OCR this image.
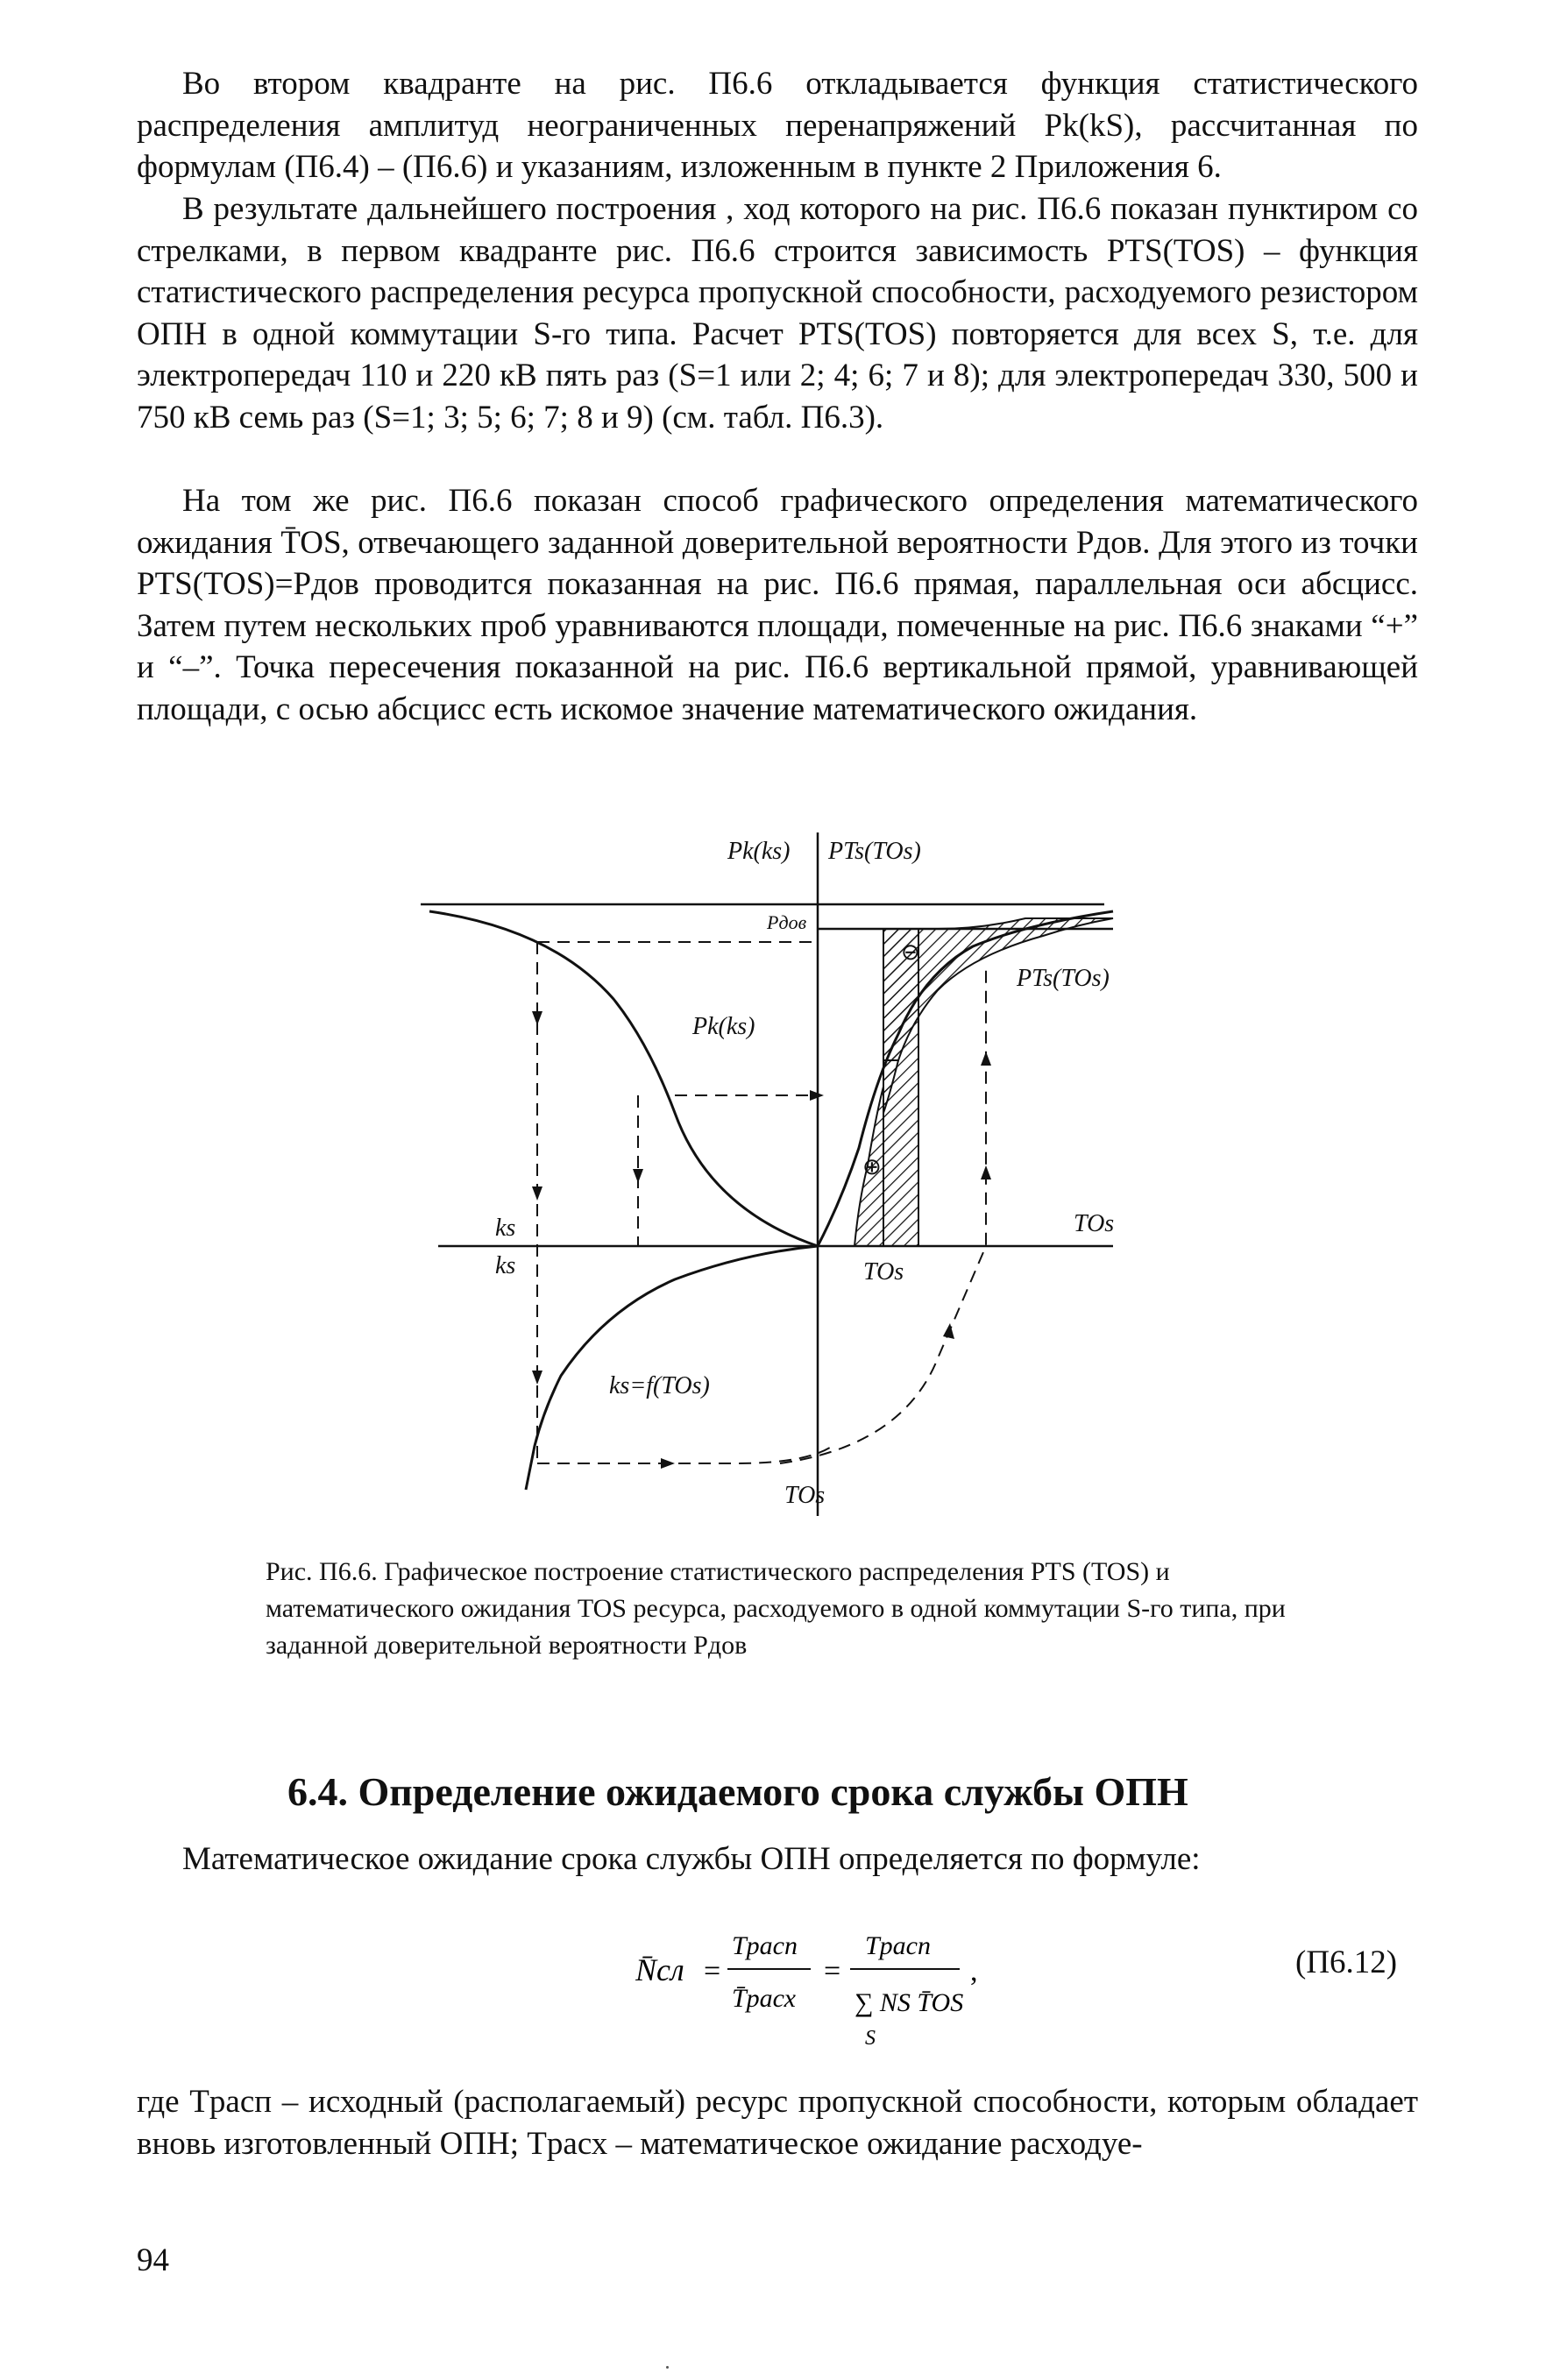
Во втором квадранте на рис. П6.6 откладывается функция статистического распределения амплитуд неограниченных перенапряжений Pk(kS), рассчитанная по формулам (П6.4) – (П6.6) и указаниям, изложенным в пункте 2 Приложения 6.

В результате дальнейшего построения , ход которого на рис. П6.6 показан пунктиром со стрелками, в первом квадранте рис. П6.6 строится зависимость PTS(TOS) – функция статистического распределения ресурса пропускной способности, расходуемого резистором ОПН в одной коммутации S-го типа. Расчет PTS(TOS) повторяется для всех S, т.е. для электропередач 110 и 220 кВ пять раз (S=1 или 2; 4; 6; 7 и 8); для электропередач 330, 500 и 750 кВ семь раз (S=1; 3; 5; 6; 7; 8 и 9) (см. табл. П6.3).

На том же рис. П6.6 показан способ графического определения математического ожидания T̄OS, отвечающего заданной доверительной вероятности Pдов. Для этого из точки PTS(TOS)=Pдов проводится показанная на рис. П6.6 прямая, параллельная оси абсцисс. Затем путем нескольких проб уравниваются площади, помеченные на рис. П6.6 знаками “+” и “–”. Точка пересечения показанной на рис. П6.6 вертикальной прямой, уравнивающей площади, с осью абсцисс есть искомое значение математического ожидания.

Pk(ks) PTs(TOs)
Pдов
PTs(TOs)
Pk(ks)
ks
ks
TOs
TOs
ks=f(TOs)
TOs
⊖
⊕

Рис. П6.6. Графическое построение статистического распределения PTS (TOS) и математического ожидания TOS ресурса, расходуемого в одной коммутации S-го типа, при заданной доверительной вероятности Pдов

6.4. Определение ожидаемого срока службы ОПН

Математическое ожидание срока службы ОПН определяется по формуле:

N̄сл =
Tрасп
T̄расх
=
Tрасп
∑ NS T̄OS
S
,	(П6.12)

где Tрасп – исходный (располагаемый) ресурс пропускной способности, которым обладает вновь изготовленный ОПН; Tрасх – математическое ожидание расходуе-

94
